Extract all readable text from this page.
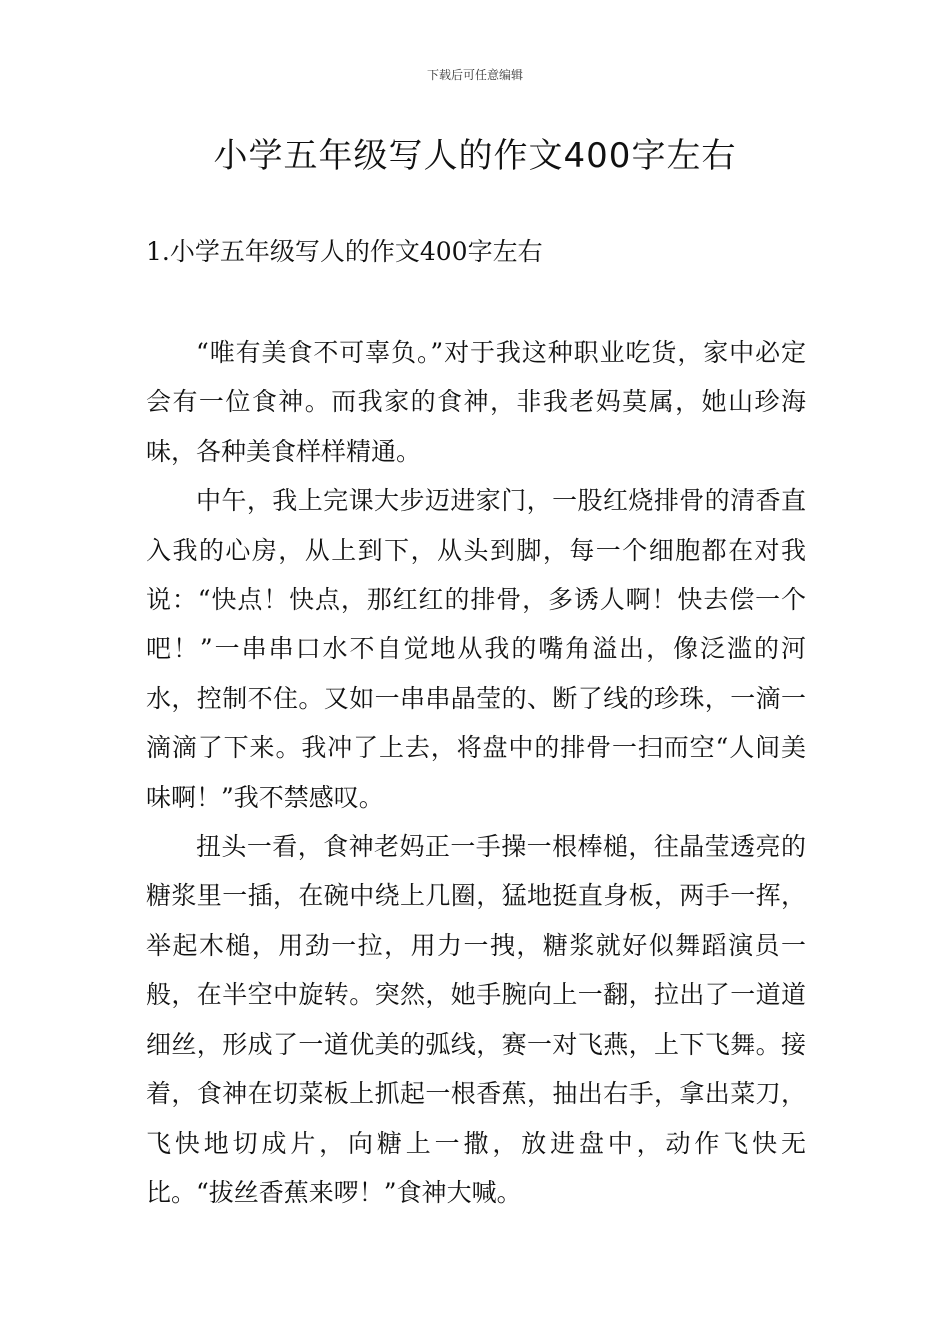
下载后可任意编辑
小学五年级写人的作文400字左右
1.小学五年级写人的作文400字左右

“唯有美食不可辜负。”对于我这种职业吃货，家中必定会有一位食神。而我家的食神，非我老妈莫属，她山珍海味，各种美食样样精通。

中午，我上完课大步迈进家门，一股红烧排骨的清香直入我的心房，从上到下，从头到脚，每一个细胞都在对我说：“快点！快点，那红红的排骨，多诱人啊！快去偿一个吧！”一串串口水不自觉地从我的嘴角溢出，像泛滥的河水，控制不住。又如一串串晶莹的、断了线的珍珠，一滴一滴滴了下来。我冲了上去，将盘中的排骨一扫而空“人间美味啊！”我不禁感叹。

扭头一看，食神老妈正一手操一根棒槌，往晶莹透亮的糖浆里一插，在碗中绕上几圈，猛地挺直身板，两手一挥，举起木槌，用劲一拉，用力一拽，糖浆就好似舞蹈演员一般，在半空中旋转。突然，她手腕向上一翻，拉出了一道道细丝，形成了一道优美的弧线，赛一对飞燕，上下飞舞。接着，食神在切菜板上抓起一根香蕉，抽出右手，拿出菜刀，飞快地切成片，向糖上一撒，放进盘中，动作飞快无比。“拔丝香蕉来啰！”食神大喊。
